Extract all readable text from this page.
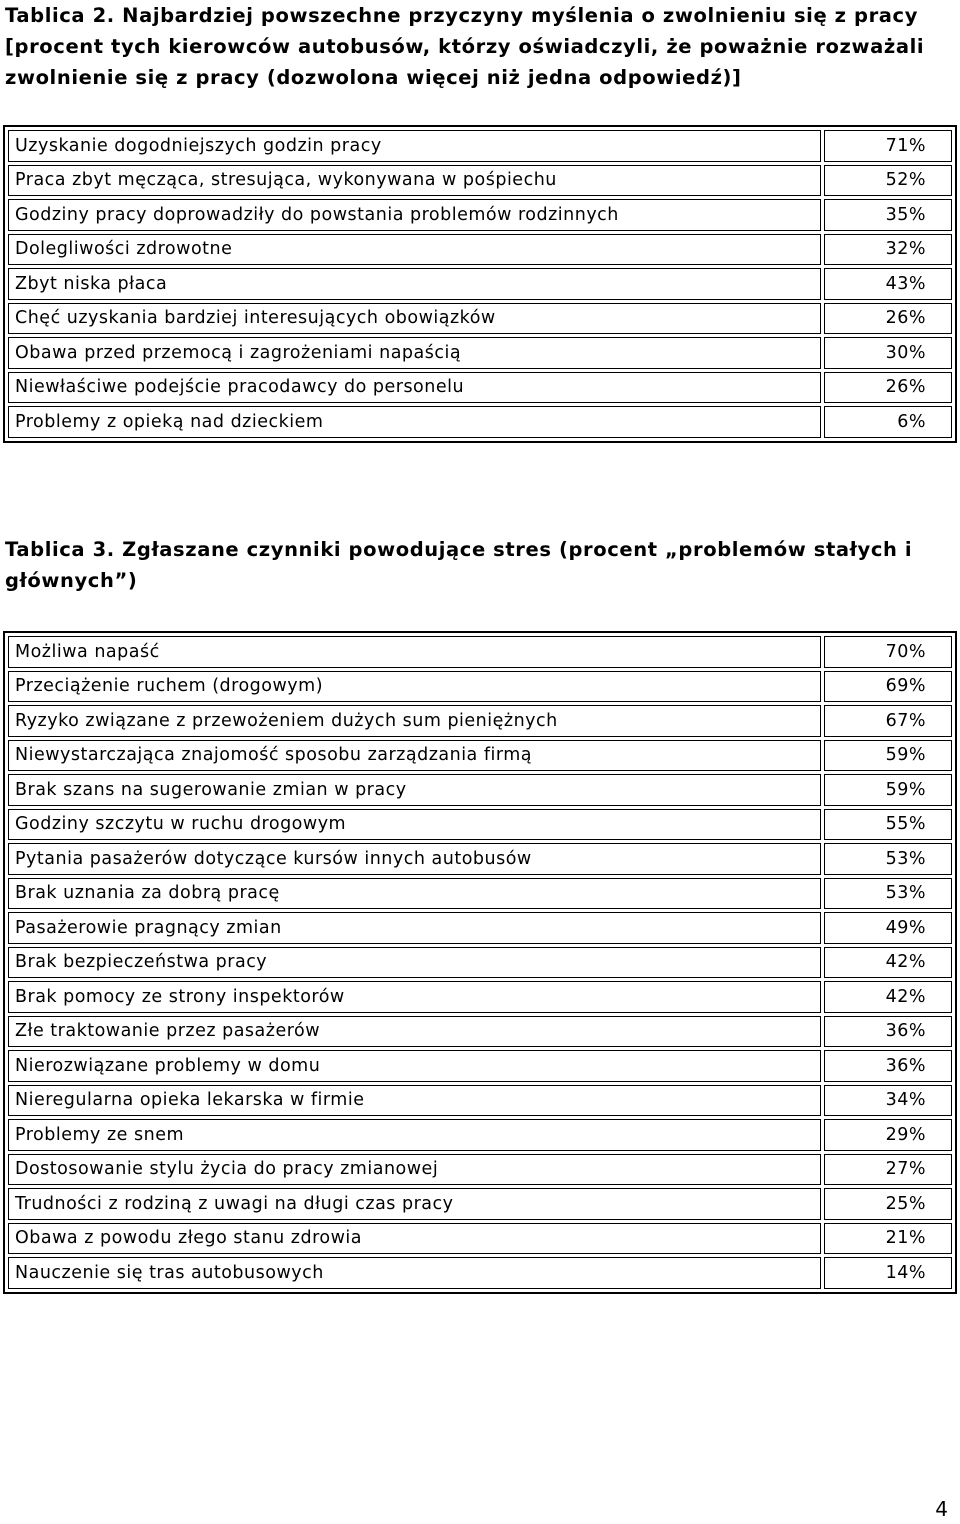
Tablica 2. Najbardziej powszechne przyczyny myślenia o zwolnieniu się z pracy [procent tych kierowców autobusów, którzy oświadczyli, że poważnie rozważali zwolnienie się z pracy (dozwolona więcej niż jedna odpowiedź)]

Uzyskanie dogodniejszych godzin pracy	71%
Praca zbyt męcząca, stresująca, wykonywana w pośpiechu	52%
Godziny pracy doprowadziły do powstania problemów rodzinnych	35%
Dolegliwości zdrowotne	32%
Zbyt niska płaca	43%
Chęć uzyskania bardziej interesujących obowiązków	26%
Obawa przed przemocą i zagrożeniami napaścią	30%
Niewłaściwe podejście pracodawcy do personelu	26%
Problemy z opieką nad dzieckiem	6%

Tablica 3. Zgłaszane czynniki powodujące stres (procent „problemów stałych i głównych”)

Możliwa napaść	70%
Przeciążenie ruchem (drogowym)	69%
Ryzyko związane z przewożeniem dużych sum pieniężnych	67%
Niewystarczająca znajomość sposobu zarządzania firmą	59%
Brak szans na sugerowanie zmian w pracy	59%
Godziny szczytu w ruchu drogowym	55%
Pytania pasażerów dotyczące kursów innych autobusów	53%
Brak uznania za dobrą pracę	53%
Pasażerowie pragnący zmian	49%
Brak bezpieczeństwa pracy	42%
Brak pomocy ze strony inspektorów	42%
Złe traktowanie przez pasażerów	36%
Nierozwiązane problemy w domu	36%
Nieregularna opieka lekarska w firmie	34%
Problemy ze snem	29%
Dostosowanie stylu życia do pracy zmianowej	27%
Trudności z rodziną z uwagi na długi czas pracy	25%
Obawa z powodu złego stanu zdrowia	21%
Nauczenie się tras autobusowych	14%
4
